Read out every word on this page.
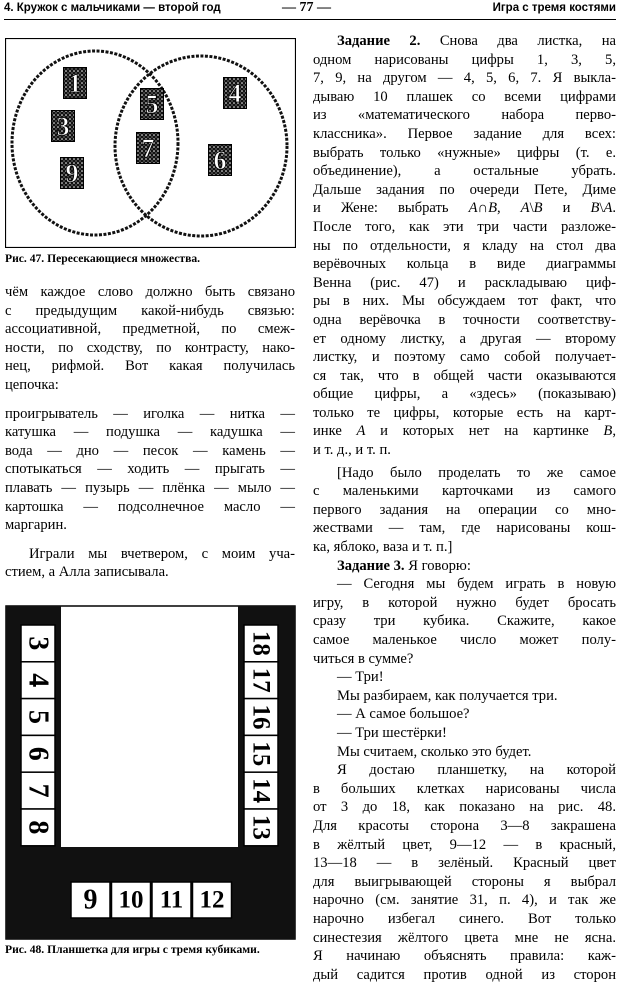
4. Кружок с мальчиками — второй год	— 77 —	Игра с тремя костями
1
3
9
5
7
4
6
Рис. 47. Пересекающиеся множества.

чём каждое слово должно быть связано

с предыдущим какой-нибудь связью:

ассоциативной, предметной, по смеж-

ности, по сходству, по контрасту, нако-

нец, рифмой. Вот какая получилась

цепочка:

проигрыватель — иголка — нитка —

катушка — подушка — кадушка —

вода — дно — песок — камень —

спотыкаться — ходить — прыгать —

плавать — пузырь — плёнка — мыло —

картошка — подсолнечное масло —

маргарин.

Играли мы вчетвером, с моим уча-

стием, а Алла записывала.

3
4
5
6
7
8
18
17
16
15
14
13
9 10 11 12
Рис. 48. Планшетка для игры с тремя кубиками.

Задание 2. Снова два листка, на

одном нарисованы цифры 1, 3, 5,

7, 9, на другом — 4, 5, 6, 7. Я выкла-

дываю 10 плашек со всеми цифрами

из «математического набора перво-

классника». Первое задание для всех:

выбрать только «нужные» цифры (т. е.

объединение), а остальные убрать.

Дальше задания по очереди Пете, Диме

и Жене: выбрать A∩B, A\B и B\A.

После того, как эти три части разложе-

ны по отдельности, я кладу на стол два

верёвочных кольца в виде диаграммы

Венна (рис. 47) и раскладываю циф-

ры в них. Мы обсуждаем тот факт, что

одна верёвочка в точности соответству-

ет одному листку, а другая — второму

листку, и поэтому само собой получает-

ся так, что в общей части оказываются

общие цифры, а «здесь» (показываю)

только те цифры, которые есть на карт-

инке A и которых нет на картинке B,

и т. д., и т. п.

[Надо было проделать то же самое

с маленькими карточками из самого

первого задания на операции со мно-

жествами — там, где нарисованы кош-

ка, яблоко, ваза и т. п.]

Задание 3. Я говорю:

— Сегодня мы будем играть в новую

игру, в которой нужно будет бросать

сразу три кубика. Скажите, какое

самое маленькое число может полу-

читься в сумме?

— Три!

Мы разбираем, как получается три.

— А самое большое?

— Три шестёрки!

Мы считаем, сколько это будет.

Я достаю планшетку, на которой

в больших клетках нарисованы числа

от 3 до 18, как показано на рис. 48.

Для красоты сторона 3—8 закрашена

в жёлтый цвет, 9—12 — в красный,

13—18 — в зелёный. Красный цвет

для выигрывающей стороны я выбрал

нарочно (см. занятие 31, п. 4), и так же

нарочно избегал синего. Вот только

синестезия жёлтого цвета мне не ясна.

Я начинаю объяснять правила: каж-

дый садится против одной из сторон
